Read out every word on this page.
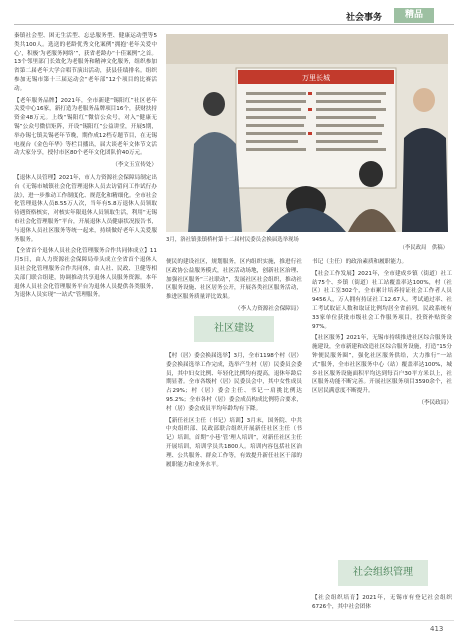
社会事务	精品

秦镇社会型、困无生活型、忘忌服务型、健康运动型等5类共100人。选送的老龄优秀文化案例“拥抱‘老年关爱中心’，积极‘为老服务网络’”，获省老龄办“十佳案例”之首。13个邻里部门长效化为老服务和精神文化服务，组织参加省第二届老年大学合唱节演出活动，获县佳绩排名。组织参加无锡市第十三届运动会“老年部”12个项目的比赛活动。

【老年服务品牌】2021年，全市新建“锡阳红”社区老年关爱中心16家，新打造为老服务品牌项目16个，获财扶持资金48万元。上线“锡阳红”微信公众号，对入“健康无锡”公众号微信矩阵，开设“锡阳红”公益讲堂，开展5期，举办锡七镇关锡老年节晚，期作成12档专题节目，在无锡电视台《金色年华》等栏目播出，届大谈老年文体节文活动大家分享，授付市区80个老年文化团队价40万元。

（李文玉宣传处）

【退休人员管理】2021年，市人力资源社会保障局制定出台《无锡市城镇社会化管理退休人员去访留问工作试行办法》，进一步推动工作制度化、规范化和精细化。全市社会化管理退休人员8.55万人次，当年有5.8万退休人员领取待遇资格核实，对核实年限退休人员领取生活，利用“无锡市社会化管理服务”平台，开展退休人员健康状况报告书，与退休人员社区服务等统一起来，持续做好老年人关爱服务服务。

【全省首个退休人员社会化管理服务合作共同体成立】11月5日，由人力资源社会保障局牵头成立全省首个退休人员社会化管理服务合作共同体，由人社、民政、卫健等相关部门联合组建，协调推动共享退休人员服务资源。本年退休人员社会化管理服务平台为退休人员提供各类服务，为退休人员实现“一站式”管理服务。

万里长城
3月，洛社镇张镇桥村第十二届村民委员会换届选举现场

（李民政局　供稿）

便民的建设社区，规划服务，区内组织实施，推进行社区政协公益服务模式，社区活动场地，创新社区治理、加强社区服务“三社联动”，发展社区社会组织，推动社区服务设施、社区居务公开，开展各类社区服务活动，推进区服务质量评比效果。

（李人力资源社会保障局）
社区建设

【村（居）委会换届选举】3月，全市1198个村（居）委会换届选举工作完成，选举产生村（居）民委员会委员，其中妇女比例、年轻化比例均有提高，退休年龄后期显著。全市各级村（居）民委员会中，其中女性成员占29%；村（居）委会主任、书记一肩挑比例达95.2%；全市各村（居）委会成员构成比例符合要求，村（居）委会成员平均年龄均有下降。

【新任社区主任（书记）培训】3月末，国务院、中共中央组织部、民政部联合组织开展新任社区主任（书记）培训，首期“小巷‘管’理人培训”，对新任社区主任开展培训，培训学员共1800人。培训内容包括社区治理、公共服务、群众工作等，有效提升新任社区干部的履职能力和业务水平。

书记（主任）的政治素质和履职能力。

【社会工作发展】2021年，全市建成乡镇（街道）社工站75个、乡镇（街道）社工站覆盖率达100%，村（社区）社工室302个，全市累计培养持证社会工作者人员9456人，万人拥有持证社工12.67人。考试通过率、社工考试取证人数和取证比例均居全省前列。民政系统有33家单位获批市级社会工作服务项目，投资补贴资金97%。

【社区服务】2021年，无锡市持续推进社区综合服务设施建设，全市新建和改造社区综合服务设施，打造“15分钟便民服务圈”，强化社区服务供给，大力推行“一站式”服务，全市社区服务中心（站）覆盖率达100%，城乡社区服务设施面积平均达到每百户30平方米以上，社区服务功能不断完善。开展社区服务项目3590余个，社区居民满意度不断提升。

（李民政局）
社会组织管理

【社会组织培育】2021年，无锡市有登记社会组织6726个，其中社会团体

413
